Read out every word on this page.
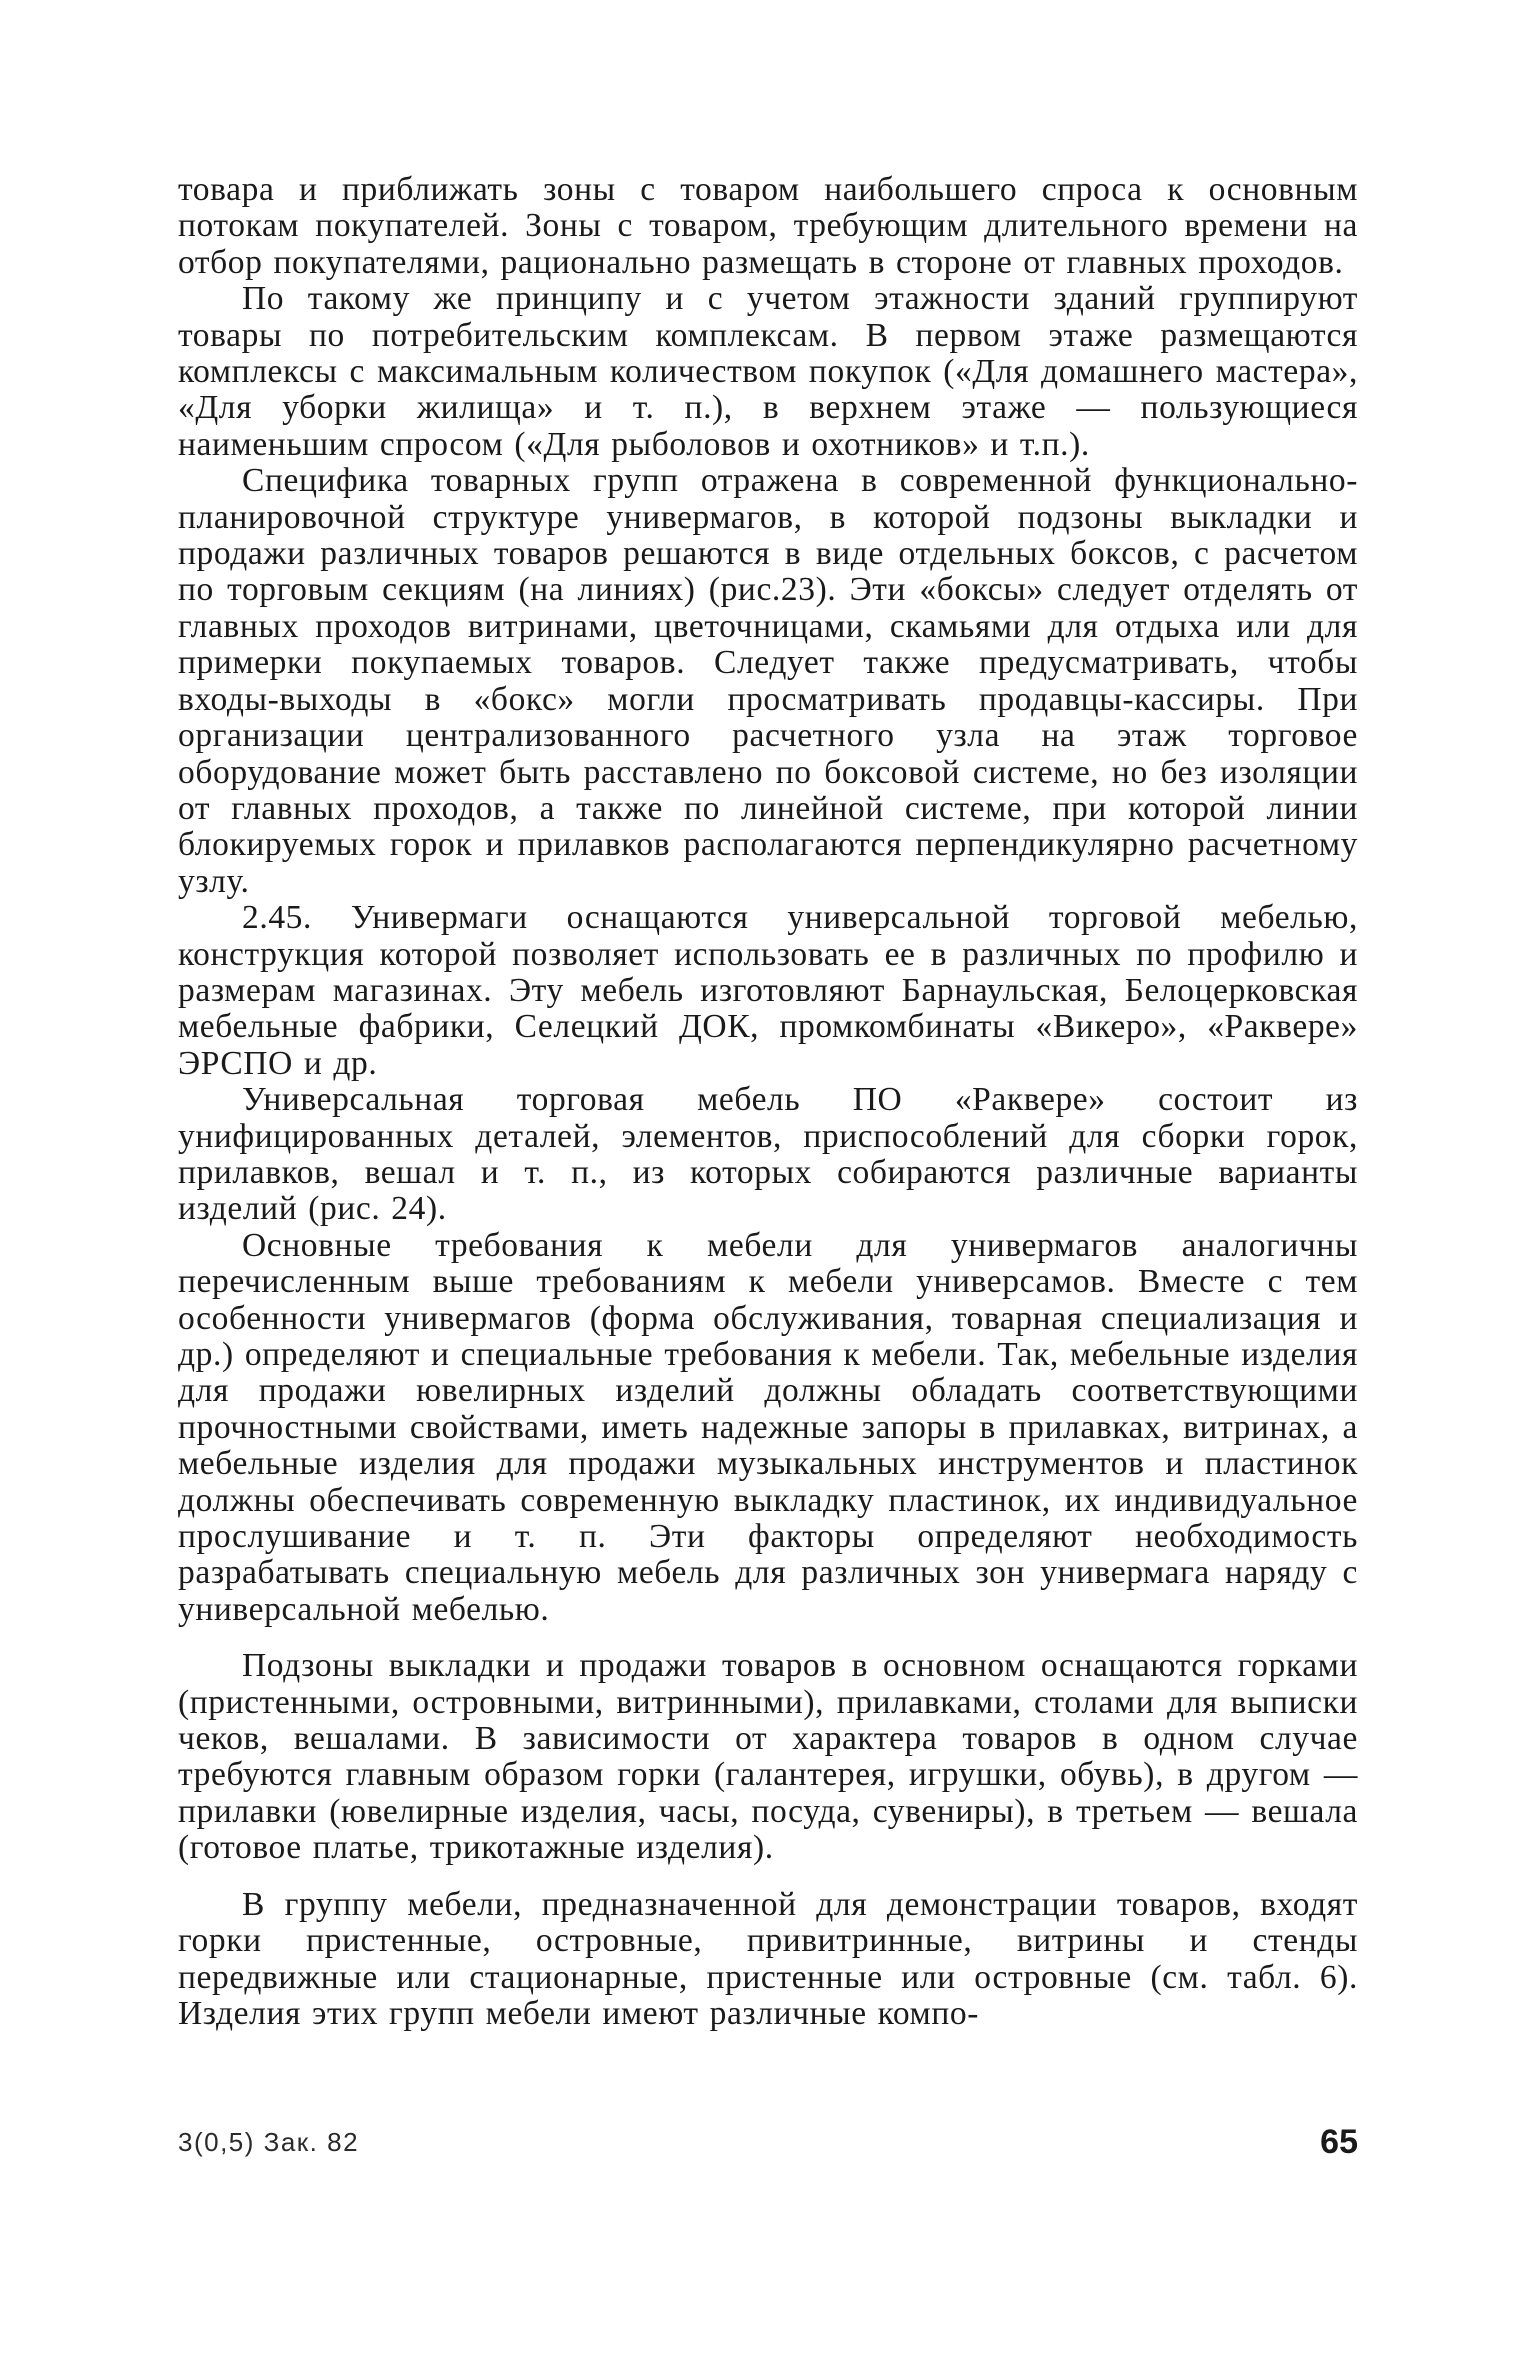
товара и приближать зоны с товаром наибольшего спроса к основным потокам покупателей. Зоны с товаром, требующим длительного времени на отбор покупателями, рационально размещать в стороне от главных проходов.

По такому же принципу и с учетом этажности зданий группируют товары по потребительским комплексам. В первом этаже размещаются комплексы с максимальным количеством покупок («Для домашнего мастера», «Для уборки жилища» и т. п.), в верхнем этаже — пользующиеся наименьшим спросом («Для рыболовов и охотников» и т.п.).

Специфика товарных групп отражена в современной функционально-планировочной структуре универмагов, в которой подзоны выкладки и продажи различных товаров решаются в виде отдельных боксов, с расчетом по торговым секциям (на линиях) (рис.23). Эти «боксы» следует отделять от главных проходов витринами, цветочницами, скамьями для отдыха или для примерки покупаемых товаров. Следует также предусматривать, чтобы входы-выходы в «бокс» могли просматривать продавцы-кассиры. При организации централизованного расчетного узла на этаж торговое оборудование может быть расставлено по боксовой системе, но без изоляции от главных проходов, а также по линейной системе, при которой линии блокируемых горок и прилавков располагаются перпендикулярно расчетному узлу.

2.45. Универмаги оснащаются универсальной торговой мебелью, конструкция которой позволяет использовать ее в различных по профилю и размерам магазинах. Эту мебель изготовляют Барнаульская, Белоцерковская мебельные фабрики, Селецкий ДОК, промкомбинаты «Викеро», «Раквере» ЭРСПО и др.

Универсальная торговая мебель ПО «Раквере» состоит из унифицированных деталей, элементов, приспособлений для сборки горок, прилавков, вешал и т. п., из которых собираются различные варианты изделий (рис. 24).

Основные требования к мебели для универмагов аналогичны перечисленным выше требованиям к мебели универсамов. Вместе с тем особенности универмагов (форма обслуживания, товарная специализация и др.) определяют и специальные требования к мебели. Так, мебельные изделия для продажи ювелирных изделий должны обладать соответствующими прочностными свойствами, иметь надежные запоры в прилавках, витринах, а мебельные изделия для продажи музыкальных инструментов и пластинок должны обеспечивать современную выкладку пластинок, их индивидуальное прослушивание и т. п. Эти факторы определяют необходимость разрабатывать специальную мебель для различных зон универмага наряду с универсальной мебелью.

Подзоны выкладки и продажи товаров в основном оснащаются горками (пристенными, островными, витринными), прилавками, столами для выписки чеков, вешалами. В зависимости от характера товаров в одном случае требуются главным образом горки (галантерея, игрушки, обувь), в другом — прилавки (ювелирные изделия, часы, посуда, сувениры), в третьем — вешала (готовое платье, трикотажные изделия).

В группу мебели, предназначенной для демонстрации товаров, входят горки пристенные, островные, привитринные, витрины и стенды передвижные или стационарные, пристенные или островные (см. табл. 6). Изделия этих групп мебели имеют различные компо-

3(0,5) Зак. 82	65
